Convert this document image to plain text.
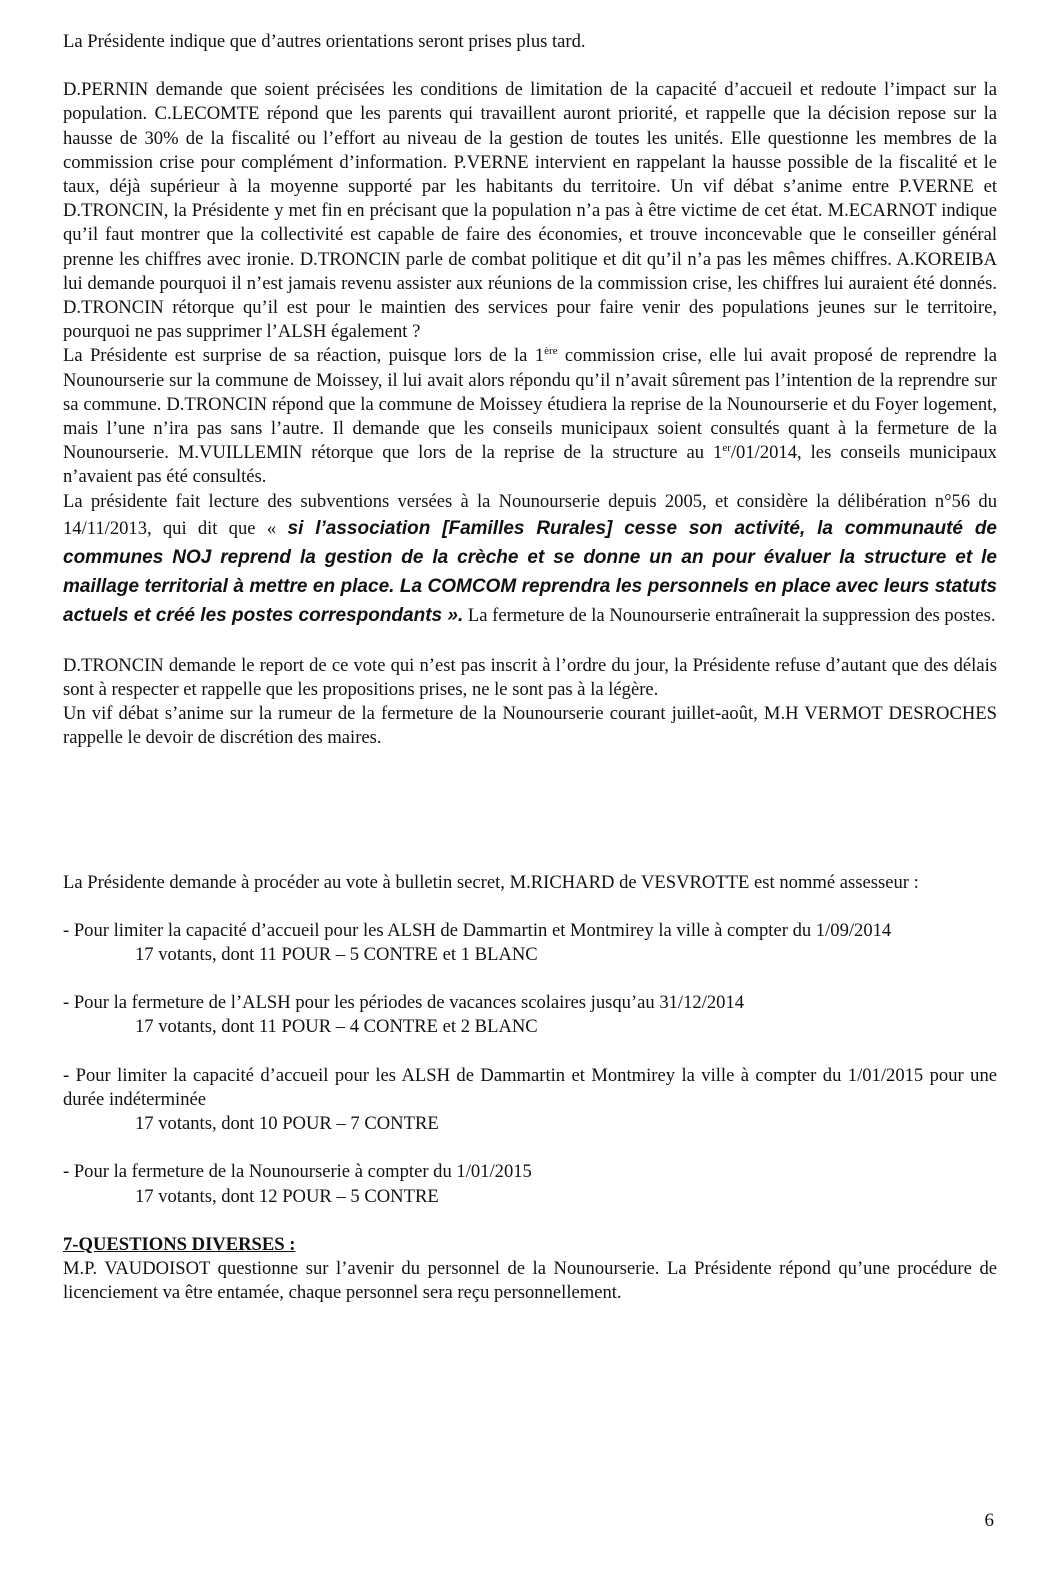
La Présidente indique que d’autres orientations seront prises plus tard.

D.PERNIN demande que soient précisées les conditions de limitation de la capacité d’accueil et redoute l’impact sur la population. C.LECOMTE répond que les parents qui travaillent auront priorité, et rappelle que la décision repose sur la hausse de 30% de la fiscalité ou l’effort au niveau de la gestion de toutes les unités. Elle questionne les membres de la commission crise pour complément d’information. P.VERNE intervient en rappelant la hausse possible de la fiscalité et le taux, déjà supérieur à la moyenne supporté par les habitants du territoire. Un vif débat s’anime entre P.VERNE et D.TRONCIN, la Présidente y met fin en précisant que la population n’a pas à être victime de cet état. M.ECARNOT indique qu’il faut montrer que la collectivité est capable de faire des économies, et trouve inconcevable que le conseiller général prenne les chiffres avec ironie. D.TRONCIN parle de combat politique et dit qu’il n’a pas les mêmes chiffres. A.KOREIBA lui demande pourquoi il n’est jamais revenu assister aux réunions de la commission crise, les chiffres lui auraient été donnés. D.TRONCIN rétorque qu’il est pour le maintien des services pour faire venir des populations jeunes sur le territoire, pourquoi ne pas supprimer l’ALSH également ?

La Présidente est surprise de sa réaction, puisque lors de la 1ère commission crise, elle lui avait proposé de reprendre la Nounourserie sur la commune de Moissey, il lui avait alors répondu qu’il n’avait sûrement pas l’intention de la reprendre sur sa commune. D.TRONCIN répond que la commune de Moissey étudiera la reprise de la Nounourserie et du Foyer logement, mais l’une n’ira pas sans l’autre. Il demande que les conseils municipaux soient consultés quant à la fermeture de la Nounourserie. M.VUILLEMIN rétorque que lors de la reprise de la structure au 1er/01/2014, les conseils municipaux n’avaient pas été consultés.

La présidente fait lecture des subventions versées à la Nounourserie depuis 2005, et considère la délibération n°56 du 14/11/2013, qui dit que « si l’association [Familles Rurales] cesse son activité, la communauté de communes NOJ reprend la gestion de la crèche et se donne un an pour évaluer la structure et le maillage territorial à mettre en place. La COMCOM reprendra les personnels en place avec leurs statuts actuels et créé les postes correspondants ». La fermeture de la Nounourserie entraînerait la suppression des postes.

D.TRONCIN demande le report de ce vote qui n’est pas inscrit à l’ordre du jour, la Présidente refuse d’autant que des délais sont à respecter et rappelle que les propositions prises, ne le sont pas à la légère.

Un vif débat s’anime sur la rumeur de la fermeture de la Nounourserie courant juillet-août, M.H VERMOT DESROCHES rappelle le devoir de discrétion des maires.

La Présidente demande à procéder au vote à bulletin secret, M.RICHARD de VESVROTTE est nommé assesseur :

- Pour limiter la capacité d’accueil pour les ALSH de Dammartin et Montmirey la ville à compter du 1/09/2014

17 votants, dont 11 POUR – 5 CONTRE et 1 BLANC

- Pour la fermeture de l’ALSH pour les périodes de vacances scolaires jusqu’au 31/12/2014

17 votants, dont 11 POUR – 4 CONTRE et 2 BLANC

- Pour limiter la capacité d’accueil pour les ALSH de Dammartin et Montmirey la ville à compter du 1/01/2015 pour une durée indéterminée

17 votants, dont 10 POUR – 7 CONTRE

- Pour la fermeture de la Nounourserie à compter du 1/01/2015

17 votants, dont 12 POUR – 5 CONTRE

7-QUESTIONS DIVERSES :

M.P. VAUDOISOT questionne sur l’avenir du personnel de la Nounourserie. La Présidente répond qu’une procédure de licenciement va être entamée, chaque personnel sera reçu personnellement.

6
